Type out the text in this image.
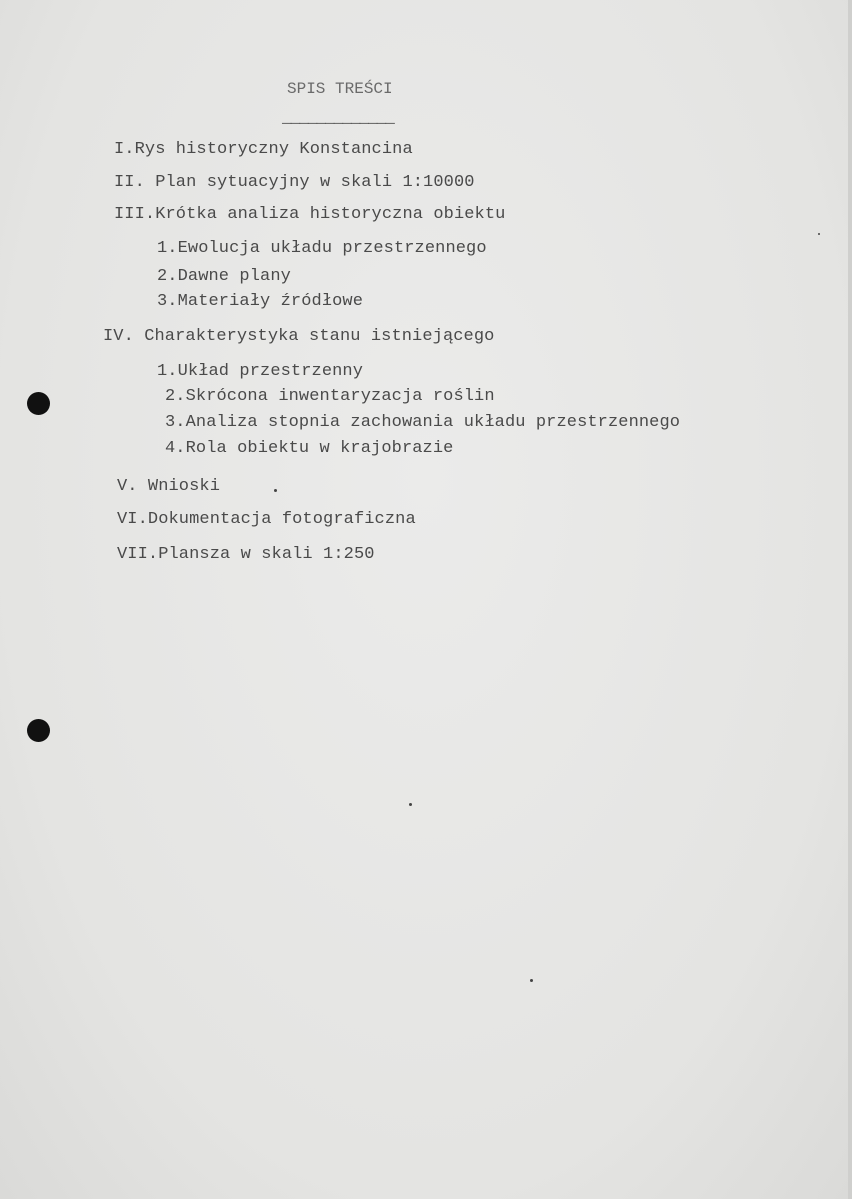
SPIS TREŚCI
_____________
I.Rys historyczny Konstancina
II. Plan sytuacyjny w skali 1:10000
III.Krótka analiza historyczna obiektu
1.Ewolucja układu przestrzennego
2.Dawne plany
3.Materiały źródłowe
IV. Charakterystyka stanu istniejącego
1.Układ przestrzenny
2.Skrócona inwentaryzacja roślin
3.Analiza stopnia zachowania układu przestrzennego
4.Rola obiektu w krajobrazie
V. Wnioski
VI.Dokumentacja fotograficzna
VII.Plansza w skali 1:250
